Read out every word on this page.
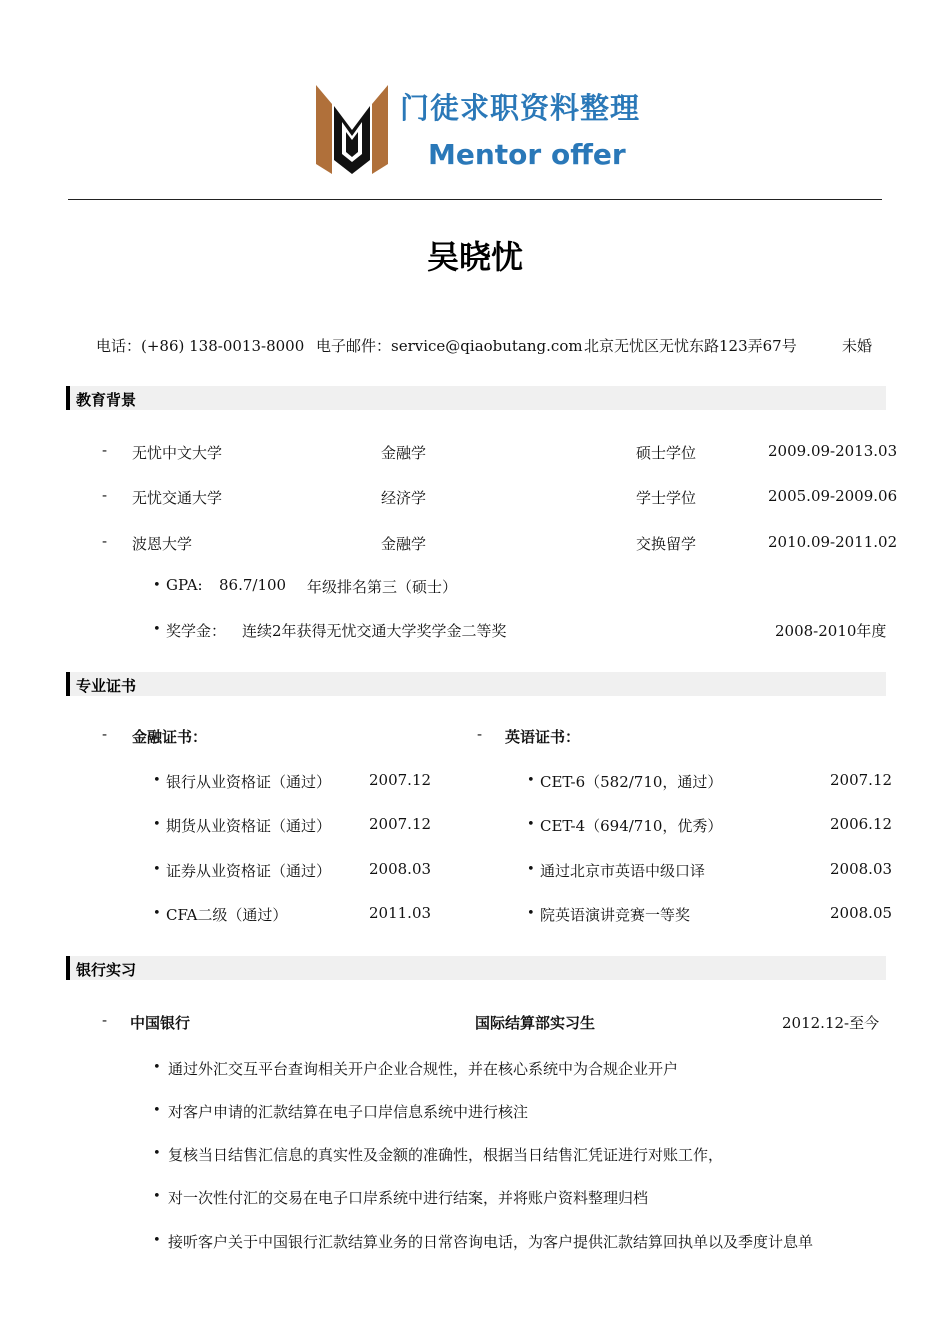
门徒求职资料整理
Mentor offer
吴晓忧
电话：(+86) 138-0013-8000 电子邮件：service@qiaobutang.com 北京无忧区无忧东路123弄67号	未婚
教育背景
- 无忧中文大学	金融学	硕士学位	2009.09-2013.03
- 无忧交通大学	经济学	学士学位	2005.09-2009.06
- 波恩大学	金融学	交换留学	2010.09-2011.02
• GPA: 86.7/100 年级排名第三（硕士）
• 奖学金： 连续2年获得无忧交通大学奖学金二等奖	2008-2010年度
专业证书
- 金融证书：	- 英语证书：
• 银行从业资格证（通过）	2007.12
• 期货从业资格证（通过）	2007.12
• 证券从业资格证（通过）	2008.03
• CFA二级（通过）	2011.03
• CET-6（582/710，通过）	2007.12
• CET-4（694/710，优秀）	2006.12
• 通过北京市英语中级口译	2008.03
• 院英语演讲竞赛一等奖	2008.05
银行实习
- 中国银行	国际结算部实习生	2012.12-至今
• 通过外汇交互平台查询相关开户企业合规性，并在核心系统中为合规企业开户
• 对客户申请的汇款结算在电子口岸信息系统中进行核注
• 复核当日结售汇信息的真实性及金额的准确性，根据当日结售汇凭证进行对账工作，
• 对一次性付汇的交易在电子口岸系统中进行结案，并将账户资料整理归档
• 接听客户关于中国银行汇款结算业务的日常咨询电话，为客户提供汇款结算回执单以及季度计息单
